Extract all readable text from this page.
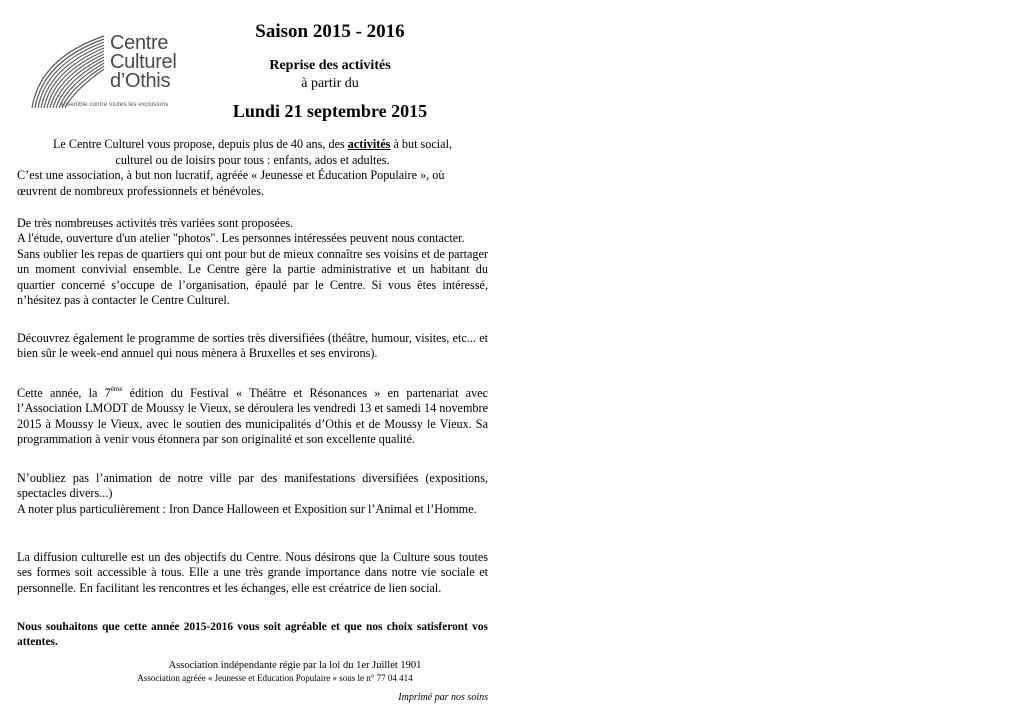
Centre
Culturel
d’Othis
ensemble contre toutes les exclusions
Saison 2015 - 2016
Reprise des activités
à partir du
Lundi 21 septembre 2015
Le Centre Culturel vous propose, depuis plus de 40 ans, des activités à but social,
culturel ou de loisirs pour tous : enfants, ados et adultes.
C’est une association, à but non lucratif, agréée « Jeunesse et Éducation Populaire », où
œuvrent de nombreux professionnels et bénévoles.
De très nombreuses activités très variées sont proposées.
A l'étude, ouverture d'un atelier "photos". Les personnes intéressées peuvent nous contacter.
Sans oublier les repas de quartiers qui ont pour but de mieux connaître ses voisins et de partager un moment convivial ensemble. Le Centre gère la partie administrative et un habitant du quartier concerné s’occupe de l’organisation, épaulé par le Centre. Si vous êtes intéressé, n’hésitez pas à contacter le Centre Culturel.
Découvrez également le programme de sorties très diversifiées (théâtre, humour, visites, etc... et bien sûr le week-end annuel qui nous mènera à Bruxelles et ses environs).
Cette année, la 7ème édition du Festival « Théâtre et Résonances » en partenariat avec l’Association LMODT de Moussy le Vieux, se déroulera les vendredi 13 et samedi 14 novembre 2015 à Moussy le Vieux, avec le soutien des municipalités d’Othis et de Moussy le Vieux. Sa programmation à venir vous étonnera par son originalité et son excellente qualité.
N’oubliez pas l’animation de notre ville par des manifestations diversifiées (expositions, spectacles divers...)
A noter plus particulièrement : Iron Dance Halloween et Exposition sur l’Animal et l’Homme.
La diffusion culturelle est un des objectifs du Centre. Nous désirons que la Culture sous toutes ses formes soit accessible à tous. Elle a une très grande importance dans notre vie sociale et personnelle. En facilitant les rencontres et les échanges, elle est créatrice de lien social.
Nous souhaitons que cette année 2015-2016 vous soit agréable et que nos choix satisferont vos attentes.
Association indépendante régie par la loi du 1er Juillet 1901
Association agréée « Jeunesse et Education Populaire » sous le n° 77 04 414
Imprimé par nos soins
